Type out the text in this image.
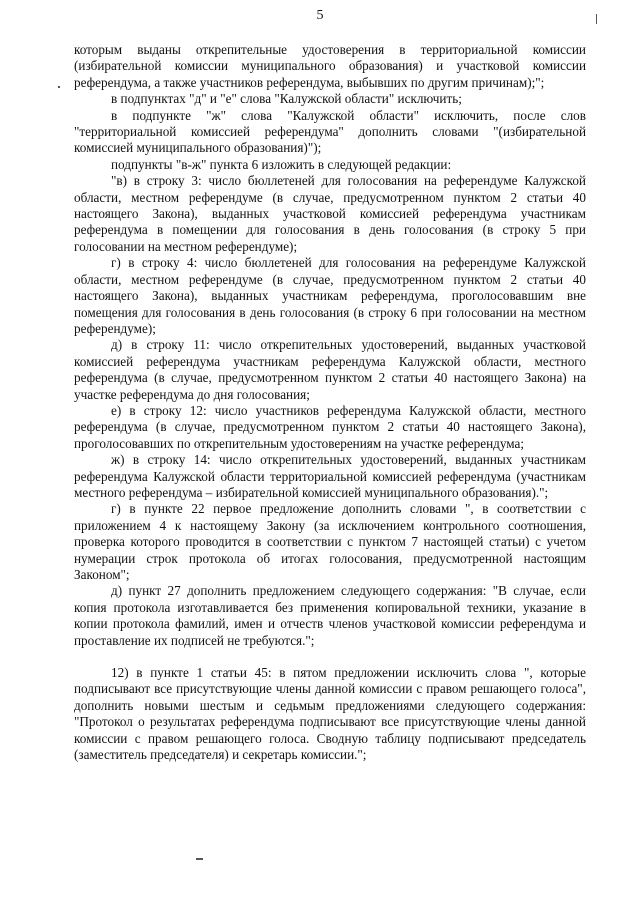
5

которым выданы открепительные удостоверения в территориальной комиссии (избирательной комиссии муниципального образования) и участковой комиссии референдума, а также участников референдума, выбывших по другим причинам);";

в подпунктах "д" и "е" слова "Калужской области" исключить;

в подпункте "ж" слова "Калужской области" исключить, после слов "территориальной комиссией референдума" дополнить словами "(избирательной комиссией муниципального образования)");

подпункты "в-ж" пункта 6 изложить в следующей редакции:

"в) в строку 3: число бюллетеней для голосования на референдуме Калужской области, местном референдуме (в случае, предусмотренном пунктом 2 статьи 40 настоящего Закона), выданных участковой комиссией референдума участникам референдума в помещении для голосования в день голосования (в строку 5 при голосовании на местном референдуме);

г) в строку 4: число бюллетеней для голосования на референдуме Калужской области, местном референдуме (в случае, предусмотренном пунктом 2 статьи 40 настоящего Закона), выданных участникам референдума, проголосовавшим вне помещения для голосования в день голосования (в строку 6 при голосовании на местном референдуме);

д) в строку 11: число открепительных удостоверений, выданных участковой комиссией референдума участникам референдума Калужской области, местного референдума (в случае, предусмотренном пунктом 2 статьи 40 настоящего Закона) на участке референдума до дня голосования;

е) в строку 12: число участников референдума Калужской области, местного референдума (в случае, предусмотренном пунктом 2 статьи 40 настоящего Закона), проголосовавших по открепительным удостоверениям на участке референдума;

ж) в строку 14: число открепительных удостоверений, выданных участникам референдума Калужской области территориальной комиссией референдума (участникам местного референдума – избирательной комиссией муниципального образования).";

г) в пункте 22 первое предложение дополнить словами ", в соответствии с приложением 4 к настоящему Закону (за исключением контрольного соотношения, проверка которого проводится в соответствии с пунктом 7 настоящей статьи) с учетом нумерации строк протокола об итогах голосования, предусмотренной настоящим Законом";

д) пункт 27 дополнить предложением следующего содержания: "В случае, если копия протокола изготавливается без применения копировальной техники, указание в копии протокола фамилий, имен и отчеств членов участковой комиссии референдума и проставление их подписей не требуются.";

12) в пункте 1 статьи 45: в пятом предложении исключить слова ", которые подписывают все присутствующие члены данной комиссии с правом решающего голоса", дополнить новыми шестым и седьмым предложениями следующего содержания: "Протокол о результатах референдума подписывают все присутствующие члены данной комиссии с правом решающего голоса. Сводную таблицу подписывают председатель (заместитель председателя) и секретарь комиссии.";
